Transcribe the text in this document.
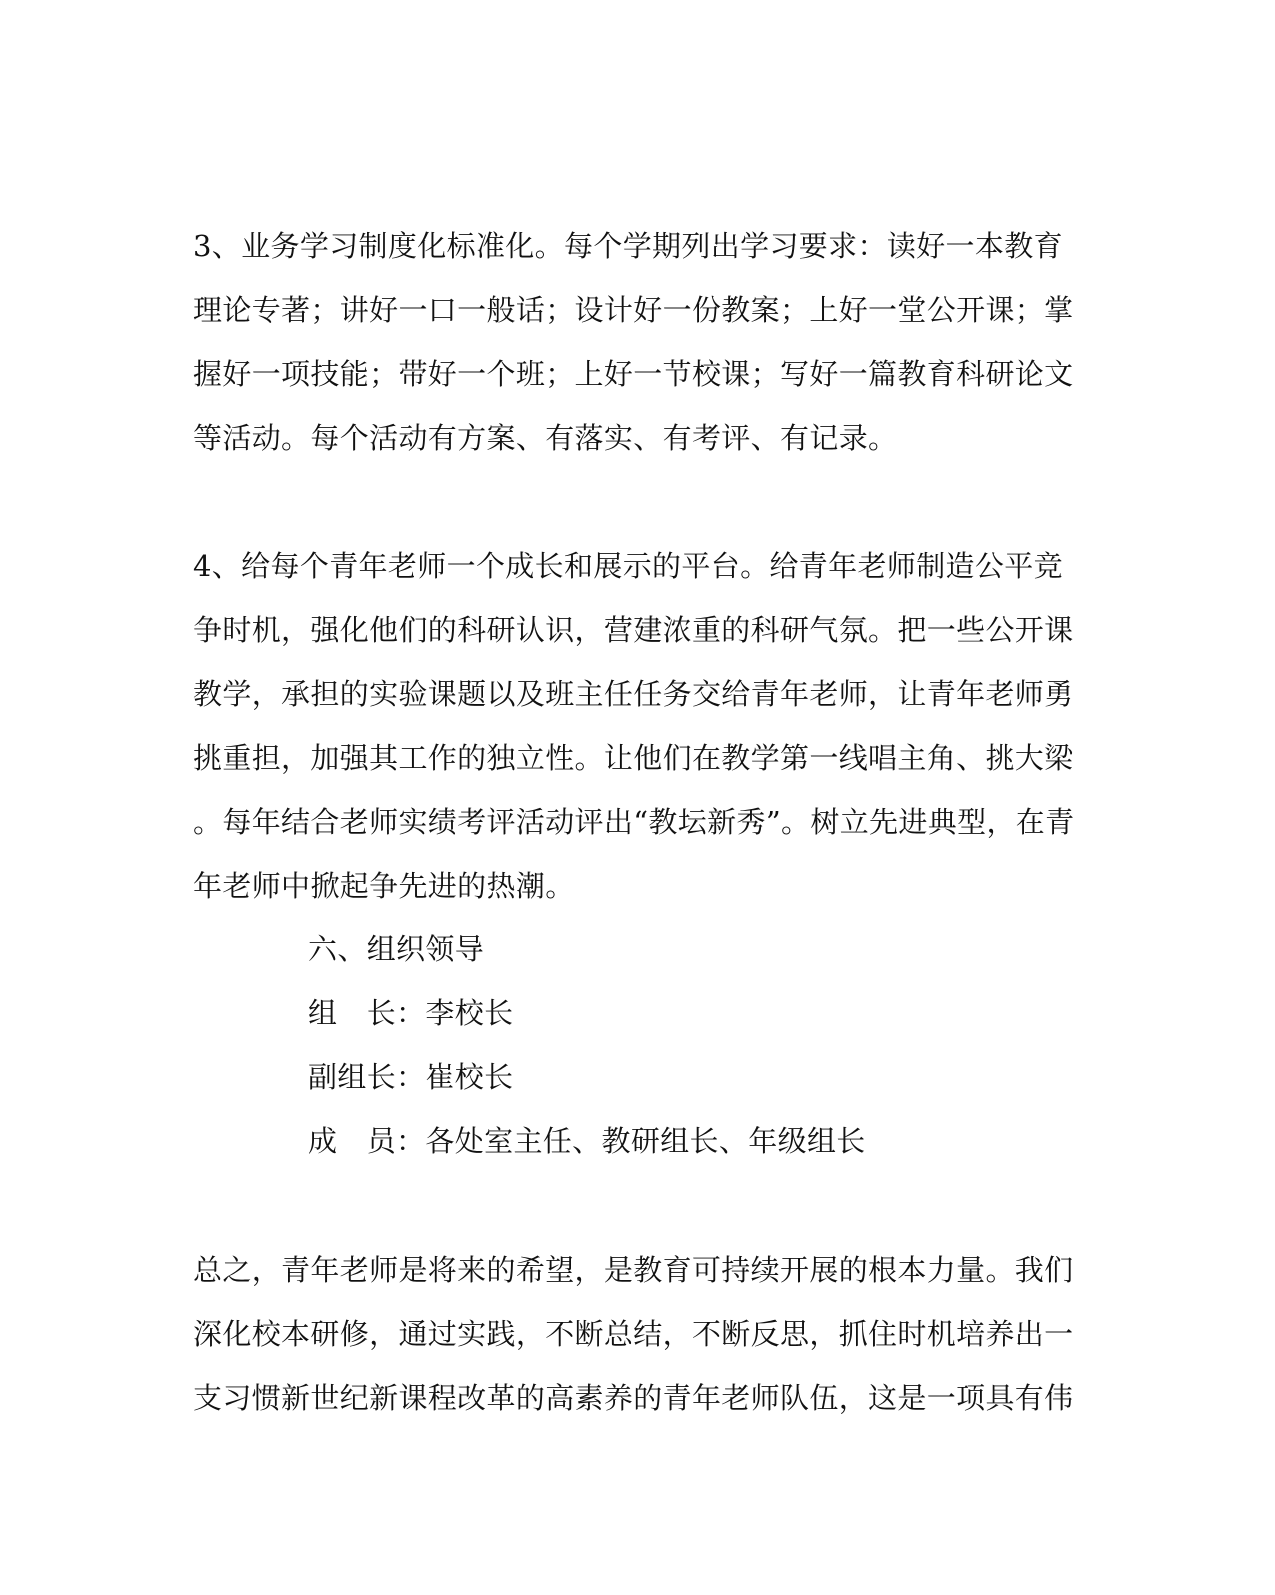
3、业务学习制度化标准化。每个学期列出学习要求：读好一本教育
理论专著；讲好一口一般话；设计好一份教案；上好一堂公开课；掌
握好一项技能；带好一个班；上好一节校课；写好一篇教育科研论文
等活动。每个活动有方案、有落实、有考评、有记录。
4、给每个青年老师一个成长和展示的平台。给青年老师制造公平竞
争时机，强化他们的科研认识，营建浓重的科研气氛。把一些公开课
教学，承担的实验课题以及班主任任务交给青年老师，让青年老师勇
挑重担，加强其工作的独立性。让他们在教学第一线唱主角、挑大梁
。每年结合老师实绩考评活动评出“教坛新秀”。树立先进典型，在青
年老师中掀起争先进的热潮。
六、组织领导
组　长：李校长
副组长：崔校长
成　员：各处室主任、教研组长、年级组长
总之，青年老师是将来的希望，是教育可持续开展的根本力量。我们
深化校本研修，通过实践，不断总结，不断反思，抓住时机培养出一
支习惯新世纪新课程改革的高素养的青年老师队伍，这是一项具有伟
